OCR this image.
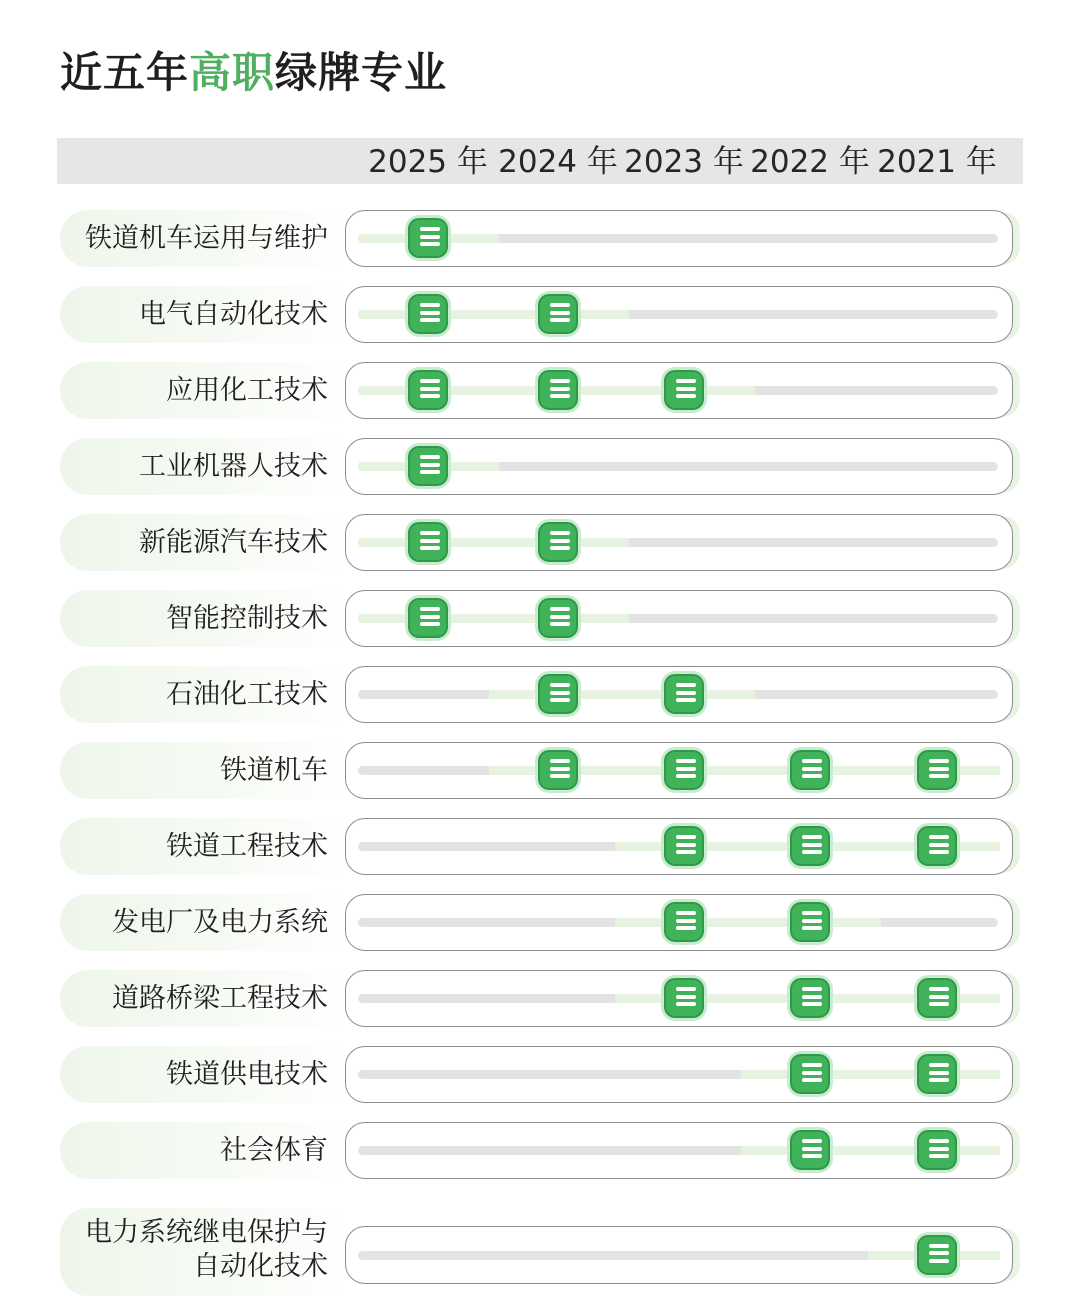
近五年高职绿牌专业
2025 年 2024 年 2023 年 2022 年 2021 年
铁道机车运用与维护
电气自动化技术
应用化工技术
工业机器人技术
新能源汽车技术
智能控制技术
石油化工技术
铁道机车
铁道工程技术
发电厂及电力系统
道路桥梁工程技术
铁道供电技术
社会体育
电力系统继电保护与
自动化技术
